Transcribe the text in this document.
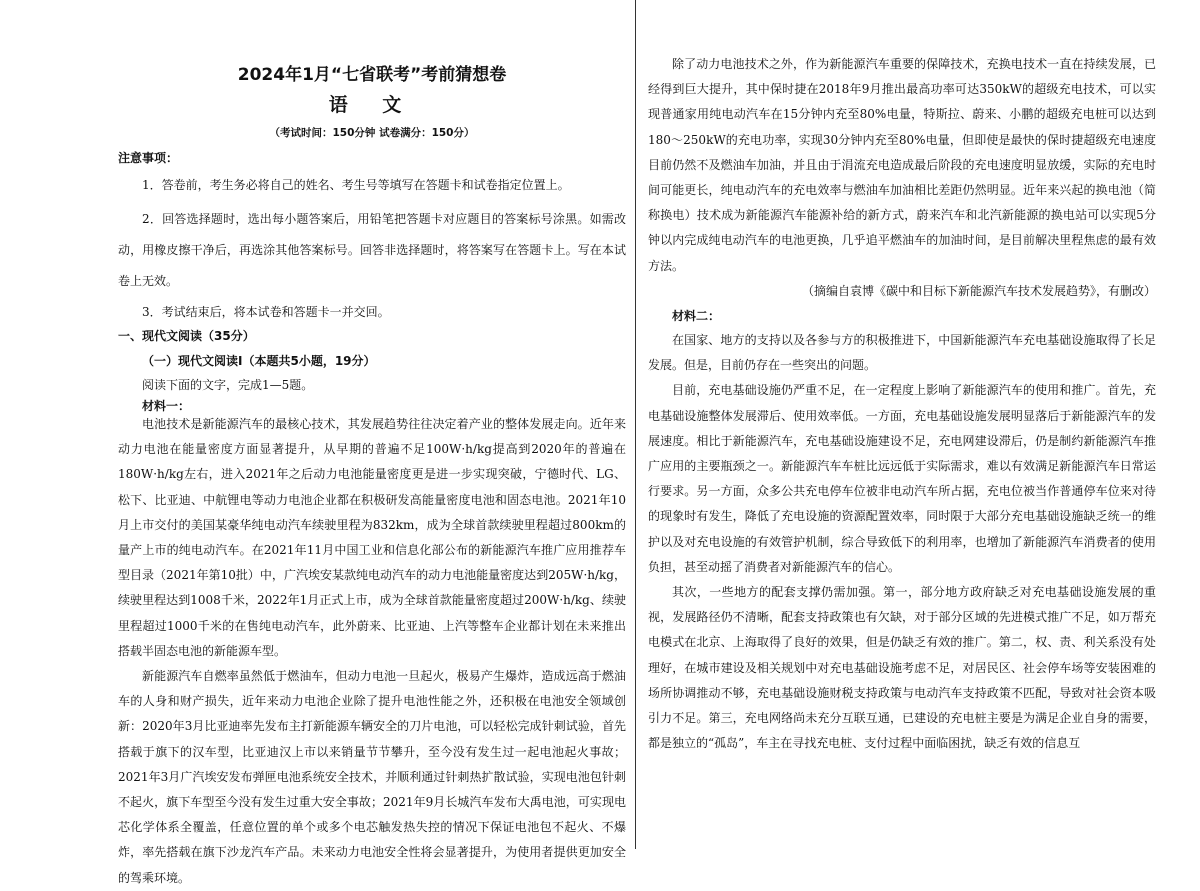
2024年1月“七省联考”考前猜想卷
语 文
（考试时间：150分钟 试卷满分：150分）
注意事项：

1．答卷前，考生务必将自己的姓名、考生号等填写在答题卡和试卷指定位置上。

2．回答选择题时，选出每小题答案后，用铅笔把答题卡对应题目的答案标号涂黑。如需改动，用橡皮擦干净后，再选涂其他答案标号。回答非选择题时，将答案写在答题卡上。写在本试卷上无效。

3．考试结束后，将本试卷和答题卡一并交回。

一、现代文阅读（35分）
（一）现代文阅读Ⅰ（本题共5小题，19分）

阅读下面的文字，完成1—5题。

材料一：

电池技术是新能源汽车的最核心技术，其发展趋势往往决定着产业的整体发展走向。近年来动力电池在能量密度方面显著提升，从早期的普遍不足100W·h/kg提高到2020年的普遍在180W·h/kg左右，进入2021年之后动力电池能量密度更是进一步实现突破，宁德时代、LG、松下、比亚迪、中航锂电等动力电池企业都在积极研发高能量密度电池和固态电池。2021年10月上市交付的美国某豪华纯电动汽车续驶里程为832km，成为全球首款续驶里程超过800km的量产上市的纯电动汽车。在2021年11月中国工业和信息化部公布的新能源汽车推广应用推荐车型目录（2021年第10批）中，广汽埃安某款纯电动汽车的动力电池能量密度达到205W·h/kg，续驶里程达到1008千米，2022年1月正式上市，成为全球首款能量密度超过200W·h/kg、续驶里程超过1000千米的在售纯电动汽车，此外蔚来、比亚迪、上汽等整车企业都计划在未来推出搭载半固态电池的新能源车型。

新能源汽车自燃率虽然低于燃油车，但动力电池一旦起火，极易产生爆炸，造成远高于燃油车的人身和财产损失，近年来动力电池企业除了提升电池性能之外，还积极在电池安全领域创新：2020年3月比亚迪率先发布主打新能源车辆安全的刀片电池，可以轻松完成针刺试验，首先搭载于旗下的汉车型，比亚迪汉上市以来销量节节攀升，至今没有发生过一起电池起火事故；2021年3月广汽埃安发布弹匣电池系统安全技术，并顺利通过针刺热扩散试验，实现电池包针刺不起火，旗下车型至今没有发生过重大安全事故；2021年9月长城汽车发布大禹电池，可实现电芯化学体系全覆盖，任意位置的单个或多个电芯触发热失控的情况下保证电池包不起火、不爆炸，率先搭载在旗下沙龙汽车产品。未来动力电池安全性将会显著提升，为使用者提供更加安全的驾乘环境。

除了动力电池技术之外，作为新能源汽车重要的保障技术，充换电技术一直在持续发展，已经得到巨大提升，其中保时捷在2018年9月推出最高功率可达350kW的超级充电技术，可以实现普通家用纯电动汽车在15分钟内充至80%电量，特斯拉、蔚来、小鹏的超级充电桩可以达到180～250kW的充电功率，实现30分钟内充至80%电量，但即使是最快的保时捷超级充电速度目前仍然不及燃油车加油，并且由于涓流充电造成最后阶段的充电速度明显放缓，实际的充电时间可能更长，纯电动汽车的充电效率与燃油车加油相比差距仍然明显。近年来兴起的换电池（简称换电）技术成为新能源汽车能源补给的新方式，蔚来汽车和北汽新能源的换电站可以实现5分钟以内完成纯电动汽车的电池更换，几乎追平燃油车的加油时间，是目前解决里程焦虑的最有效方法。

（摘编自袁博《碳中和目标下新能源汽车技术发展趋势》，有删改）

材料二：

在国家、地方的支持以及各参与方的积极推进下，中国新能源汽车充电基础设施取得了长足发展。但是，目前仍存在一些突出的问题。

目前，充电基础设施仍严重不足，在一定程度上影响了新能源汽车的使用和推广。首先，充电基础设施整体发展滞后、使用效率低。一方面，充电基础设施发展明显落后于新能源汽车的发展速度。相比于新能源汽车，充电基础设施建设不足，充电网建设滞后，仍是制约新能源汽车推广应用的主要瓶颈之一。新能源汽车车桩比远远低于实际需求，难以有效满足新能源汽车日常运行要求。另一方面，众多公共充电停车位被非电动汽车所占据，充电位被当作普通停车位来对待的现象时有发生，降低了充电设施的资源配置效率，同时限于大部分充电基础设施缺乏统一的维护以及对充电设施的有效管护机制，综合导致低下的利用率，也增加了新能源汽车消费者的使用负担，甚至动摇了消费者对新能源汽车的信心。

其次，一些地方的配套支撑仍需加强。第一，部分地方政府缺乏对充电基础设施发展的重视，发展路径仍不清晰，配套支持政策也有欠缺，对于部分区域的先进模式推广不足，如万帮充电模式在北京、上海取得了良好的效果，但是仍缺乏有效的推广。第二，权、责、利关系没有处理好，在城市建设及相关规划中对充电基础设施考虑不足，对居民区、社会停车场等安装困难的场所协调推动不够，充电基础设施财税支持政策与电动汽车支持政策不匹配，导致对社会资本吸引力不足。第三，充电网络尚未充分互联互通，已建设的充电桩主要是为满足企业自身的需要，都是独立的“孤岛”，车主在寻找充电桩、支付过程中面临困扰，缺乏有效的信息互
